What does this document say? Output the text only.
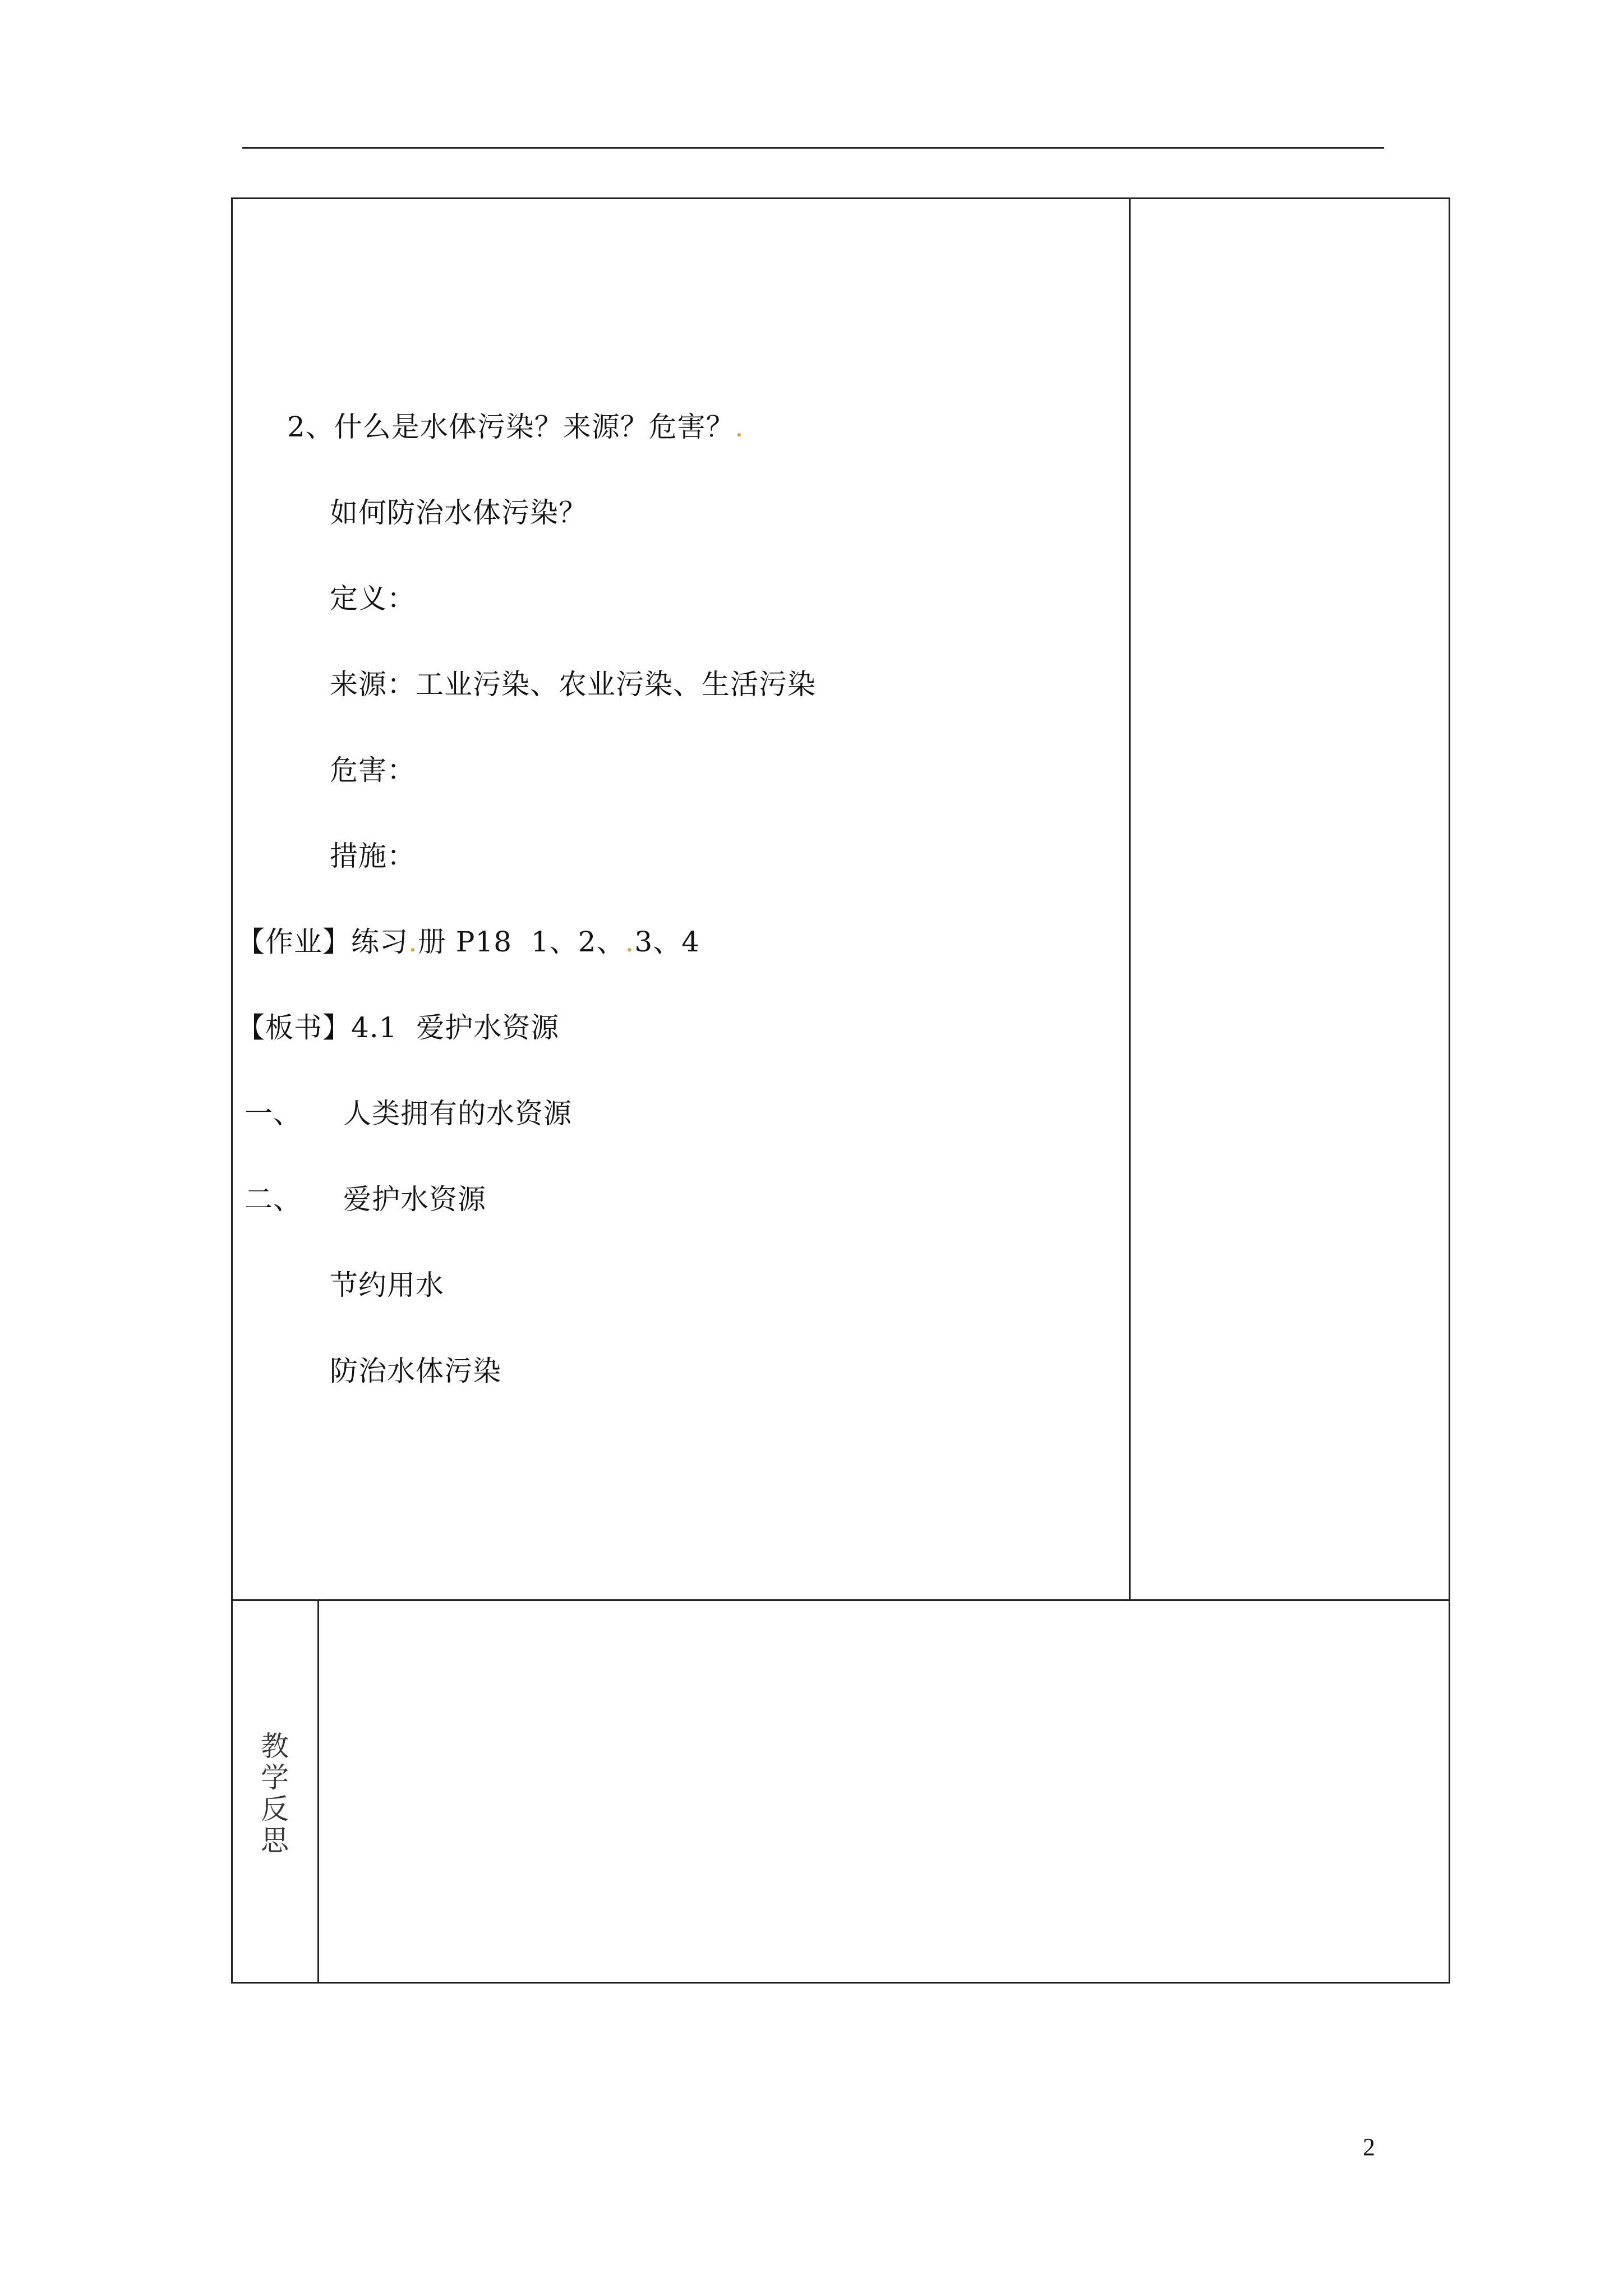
2、什么是水体污染？来源？危害？.
如何防治水体污染？
定义：
来源：工业污染、农业污染、生活污染
危害：
措施：
【作业】练习.册 P18  1、2、.3、4
【板书】4.1  爱护水资源
一、 人类拥有的水资源
二、 爱护水资源
节约用水
防治水体污染
教
学
反
思
2
